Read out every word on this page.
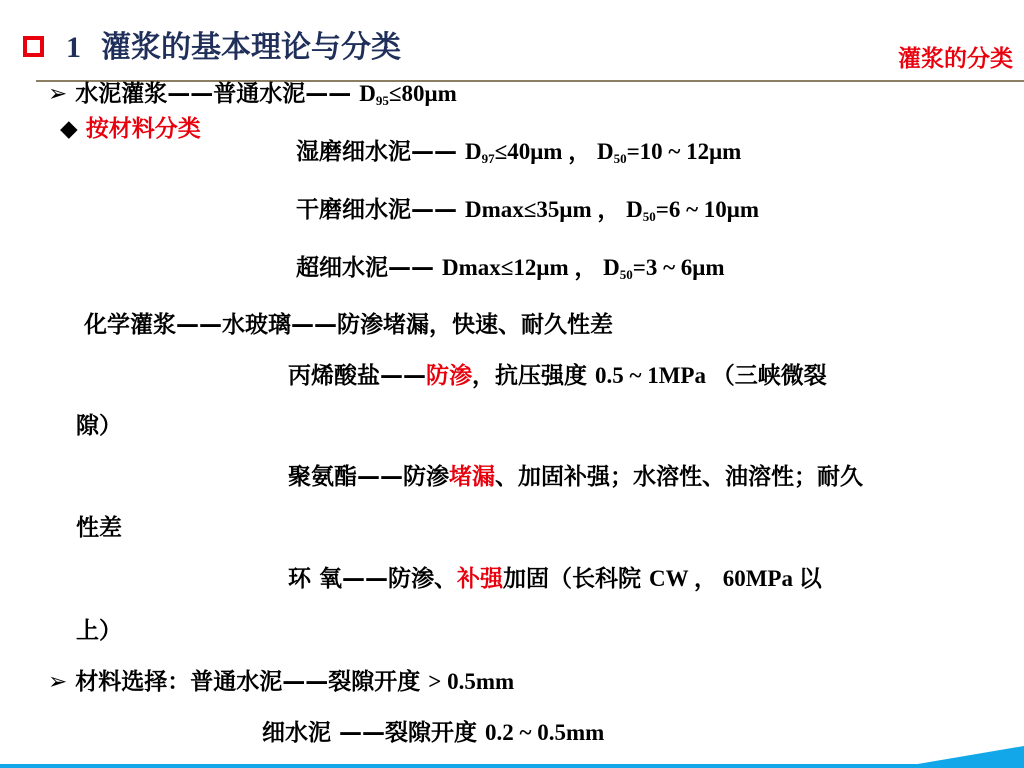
1 灌浆的基本理论与分类	灌浆的分类
➢ 水泥灌浆——普通水泥—— $D_{95}\le 80\mu m$
◆ 按材料分类
湿磨细水泥—— $D_{97}\le 40\mu m$ ， $D_{50}=10$ ~ 12μm
干磨细水泥—— Dmax≤35μm ， $D_{50}=6$ ~ 10μm
超细水泥—— Dmax≤12μm ， $D_{50}=3$ ~ 6μm
化学灌浆——水玻璃——防渗堵漏，快速、耐久性差
丙烯酸盐——防渗，抗压强度 0.5 ~ 1MPa （三峡微裂
隙）
聚氨酯——防渗堵漏、加固补强；水溶性、油溶性；耐久
性差
环 氧——防渗、补强加固（长科院 CW ， 60MPa 以
上）
➢ 材料选择：普通水泥——裂隙开度 > 0.5mm
细水泥 ——裂隙开度 0.2 ~ 0.5mm
